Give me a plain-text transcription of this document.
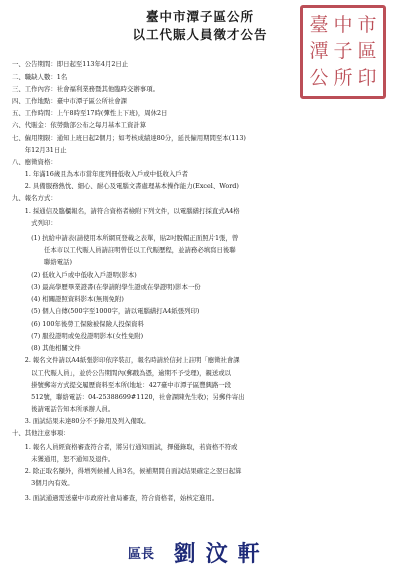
臺中市潭子區公所
以工代賑人員徵才公告	臺 中 市
潭 子 區
公 所 印
一、公告期間：即日起至113年4月2日止
二、職缺人數：1名
三、工作內容：社會福利業務暨其他臨時交辦事項。
四、工作地點：臺中市潭子區公所社會課
五、工作時間：上午8時至17時(彈性上下班)，周休2日
六、代賑金：依勞動部公布之每月基本工資計算
七、僱用期限：通知上班日起2個月；如考核成績達80分，延長僱用期間至本(113)
　　年12月31日止
八、應徵資格：
　　1. 年滿16歲且為本市當年度列冊低收入戶或中低收入戶者
　　2. 具備服務熱忱、細心、耐心及電腦文書處理基本操作能力(Excel、Word)
九、報名方式：
　　1. 採通信及臨櫃報名，請符合資格者檢附下列文件，以電腦繕打採直式A4格
　　　式列印：
　　　(1) 抗給申請表(請使用本所網頁登載之表單，貼2吋脫帽正面照片1張，曾
　　　　　任本市以工代賑人員請註明曾任以工代賑歷程，並請務必填寫日後聯
　　　　　聯絡電話)
　　　(2) 低收入戶或中低收入戶證明(影本)
　　　(3) 最高學歷畢業證書(在學請附學生證或在學證明)影本一份
　　　(4) 相關證照資料影本(無則免附)
　　　(5) 個人自傳(500字至1000字，請以電腦繕打A4紙張列印)
　　　(6) 100年後勞工保險被保險人投保資料
　　　(7) 服役證明或免役證明影本(女性免附)
　　　(8) 其他相關文件
　　2. 報名文件請以A4紙張影印依序裝訂，報名時請於信封上註明「應徵社會課
　　　以工代賑人員」，並於公告期間內(郵戳為憑，逾期不予受理)，親送或以
　　　掛號郵寄方式提交履歷資料至本所(地址：427臺中市潭子區豐興路一段
　　　512號，聯絡電話：04-25388699#1120，社會課陳先生收)；另郵件寄出
　　　後請電話告知本所承辦人員。
　　3. 面試結果未達80分不予錄用及列入備取。
十、其他注意事項：
　　1. 報名人員經資格審查符合者，將另行通知面試，擇優錄取，若資格不符或
　　　未獲通用，恕不通知及退件。
　　2. 除正取名額外，得增列候補人員3名，候補期間自面試結果確定之翌日起算
　　　3個月內有效。
　　3. 面試通過需送臺中市政府社會局審查，符合資格者，始核定進用。
區長 劉汶軒
